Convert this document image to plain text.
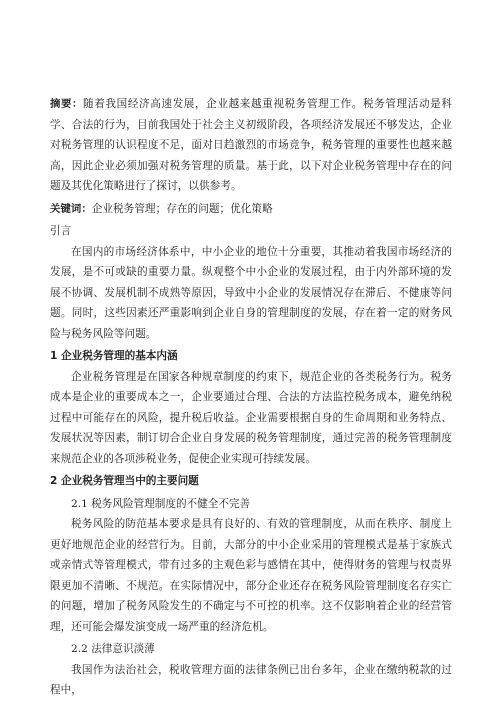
摘要：随着我国经济高速发展，企业越来越重视税务管理工作。税务管理活动是科学、合法的行为，目前我国处于社会主义初级阶段，各项经济发展还不够发达，企业对税务管理的认识程度不足，面对日趋激烈的市场竞争，税务管理的重要性也越来越高，因此企业必须加强对税务管理的质量。基于此，以下对企业税务管理中存在的问题及其优化策略进行了探讨，以供参考。

关键词：企业税务管理；存在的问题；优化策略

引言

在国内的市场经济体系中，中小企业的地位十分重要，其推动着我国市场经济的发展，是不可或缺的重要力量。纵观整个中小企业的发展过程，由于内外部环境的发展不协调、发展机制不成熟等原因，导致中小企业的发展情况存在滞后、不健康等问题。同时，这些因素还严重影响到企业自身的管理制度的发展，存在着一定的财务风险与税务风险等问题。

1 企业税务管理的基本内涵

企业税务管理是在国家各种规章制度的约束下，规范企业的各类税务行为。税务成本是企业的重要成本之一，企业要通过合理、合法的方法监控税务成本，避免纳税过程中可能存在的风险，提升税后收益。企业需要根据自身的生命周期和业务特点、发展状况等因素，制订切合企业自身发展的税务管理制度，通过完善的税务管理制度来规范企业的各项涉税业务，促使企业实现可持续发展。

2 企业税务管理当中的主要问题
2.1 税务风险管理制度的不健全不完善

税务风险的防范基本要求是具有良好的、有效的管理制度，从而在秩序、制度上更好地规范企业的经营行为。目前，大部分的中小企业采用的管理模式是基于家族式或亲情式等管理模式，带有过多的主观色彩与感情在其中，使得财务的管理与权责界限更加不清晰、不规范。在实际情况中，部分企业还存在税务风险管理制度名存实亡的问题，增加了税务风险发生的不确定与不可控的机率。这不仅影响着企业的经营管理，还可能会爆发演变成一场严重的经济危机。

2.2 法律意识淡薄

我国作为法治社会，税收管理方面的法律条例已出台多年，企业在缴纳税款的过程中，
